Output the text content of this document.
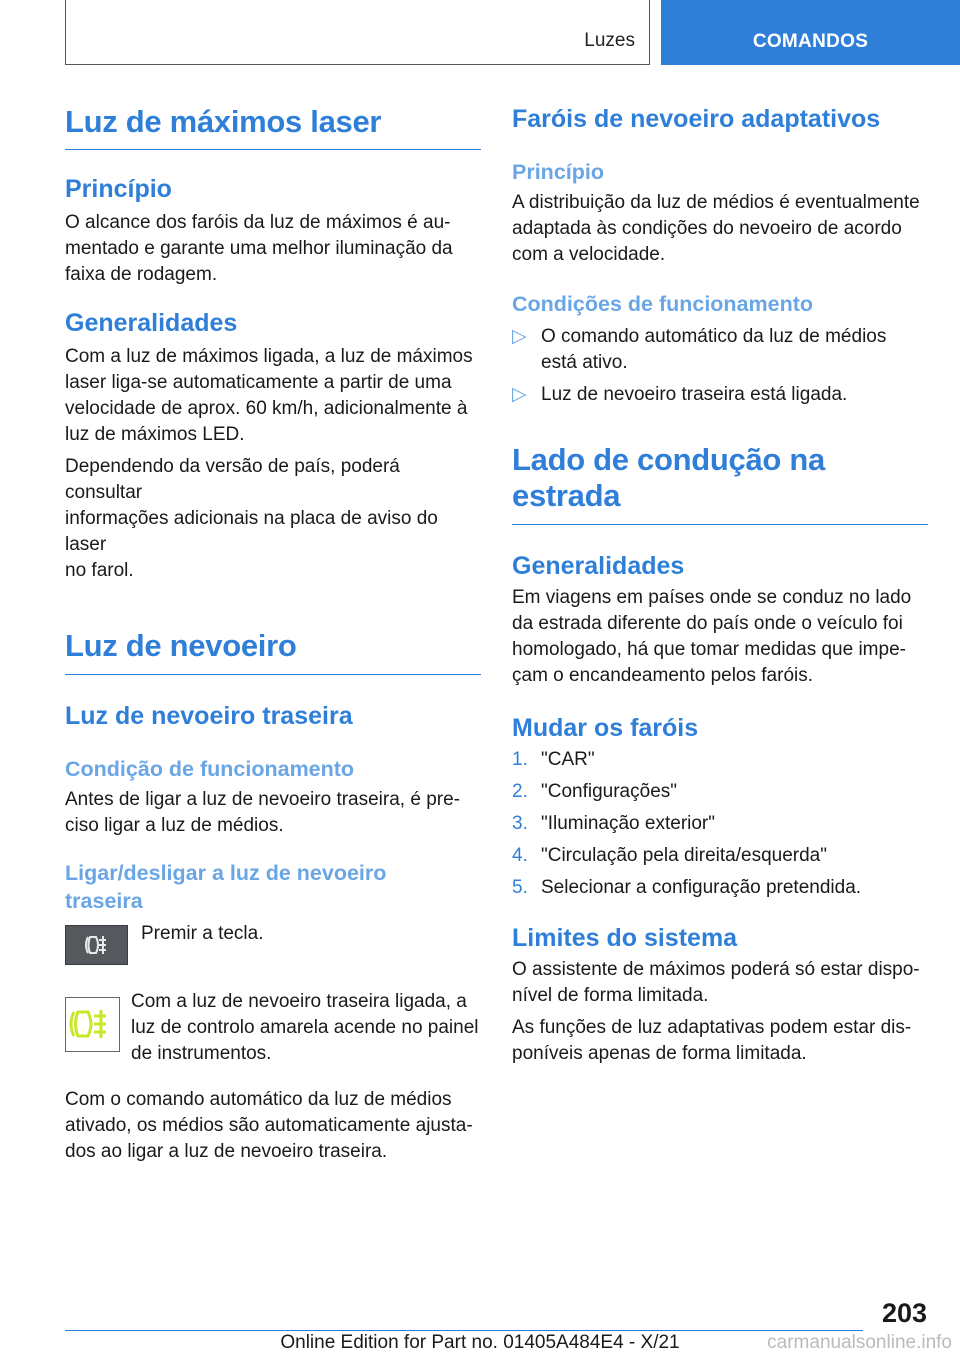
Luzes	COMANDOS
Luz de máximos laser
Princípio

O alcance dos faróis da luz de máximos é au-
mentado e garante uma melhor iluminação da
faixa de rodagem.

Generalidades

Com a luz de máximos ligada, a luz de máximos
laser liga-se automaticamente a partir de uma
velocidade de aprox. 60 km/h, adicionalmente à
luz de máximos LED.

Dependendo da versão de país, poderá consultar
informações adicionais na placa de aviso do laser
no farol.

Luz de nevoeiro
Luz de nevoeiro traseira
Condição de funcionamento

Antes de ligar a luz de nevoeiro traseira, é pre-
ciso ligar a luz de médios.

Ligar/desligar a luz de nevoeiro
traseira

Premir a tecla.

Com a luz de nevoeiro traseira ligada, a
luz de controlo amarela acende no painel
de instrumentos.

Com o comando automático da luz de médios
ativado, os médios são automaticamente ajusta-
dos ao ligar a luz de nevoeiro traseira.

Faróis de nevoeiro adaptativos
Princípio

A distribuição da luz de médios é eventualmente
adaptada às condições do nevoeiro de acordo
com a velocidade.

Condições de funcionamento
▷ O comando automático da luz de médios
está ativo.
▷ Luz de nevoeiro traseira está ligada.
Lado de condução na
estrada
Generalidades

Em viagens em países onde se conduz no lado
da estrada diferente do país onde o veículo foi
homologado, há que tomar medidas que impe-
çam o encandeamento pelos faróis.

Mudar os faróis
1. "CAR"
2. "Configurações"
3. "Iluminação exterior"
4. "Circulação pela direita/esquerda"
5. Selecionar a configuração pretendida.
Limites do sistema

O assistente de máximos poderá só estar dispo-
nível de forma limitada.

As funções de luz adaptativas podem estar dis-
poníveis apenas de forma limitada.

203
Online Edition for Part no. 01405A484E4 - X/21	carmanualsonline.info
